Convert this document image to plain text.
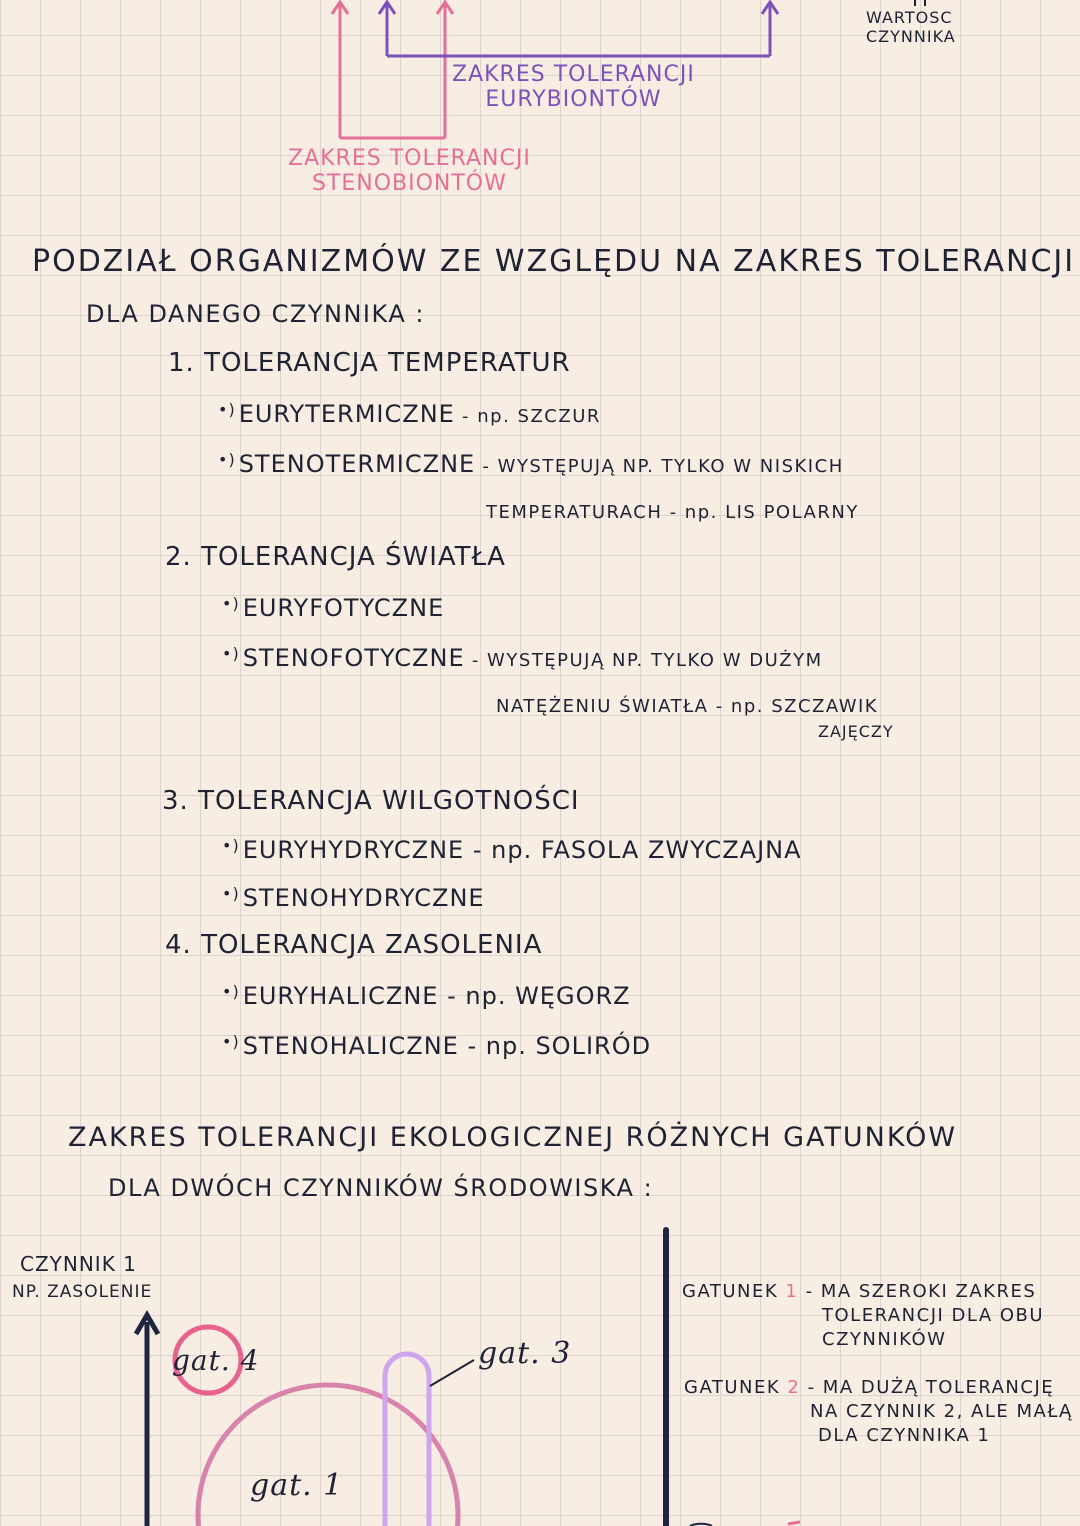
WARTOSC
CZYNNIKA
ZAKRES TOLERANCJI
EURYBIONTÓW
ZAKRES TOLERANCJI
STENOBIONTÓW
PODZIAŁ ORGANIZMÓW ZE WZGLĘDU NA ZAKRES TOLERANCJI
DLA DANEGO CZYNNIKA :
1. TOLERANCJA TEMPERATUR
•) EURYTERMICZNE - np. SZCZUR
•) STENOTERMICZNE - WYSTĘPUJĄ NP. TYLKO W NISKICH
TEMPERATURACH - np. LIS POLARNY
2. TOLERANCJA ŚWIATŁA
•) EURYFOTYCZNE
•) STENOFOTYCZNE - WYSTĘPUJĄ NP. TYLKO W DUŻYM
NATĘŻENIU ŚWIATŁA - np. SZCZAWIK
ZAJĘCZY
3. TOLERANCJA WILGOTNOŚCI
•) EURYHYDRYCZNE - np. FASOLA ZWYCZAJNA
•) STENOHYDRYCZNE
4. TOLERANCJA ZASOLENIA
•) EURYHALICZNE - np. WĘGORZ
•) STENOHALICZNE - np. SOLIRÓD
ZAKRES TOLERANCJI EKOLOGICZNEJ RÓŻNYCH GATUNKÓW
DLA DWÓCH CZYNNIKÓW ŚRODOWISKA :
CZYNNIK 1
NP. ZASOLENIE
gat. 4	gat. 3
gat. 1
GATUNEK 1 - MA SZEROKI ZAKRES
TOLERANCJI DLA OBU
CZYNNIKÓW
GATUNEK 2 - MA DUŻĄ TOLERANCJĘ
NA CZYNNIK 2, ALE MAŁĄ
DLA CZYNNIKA 1
